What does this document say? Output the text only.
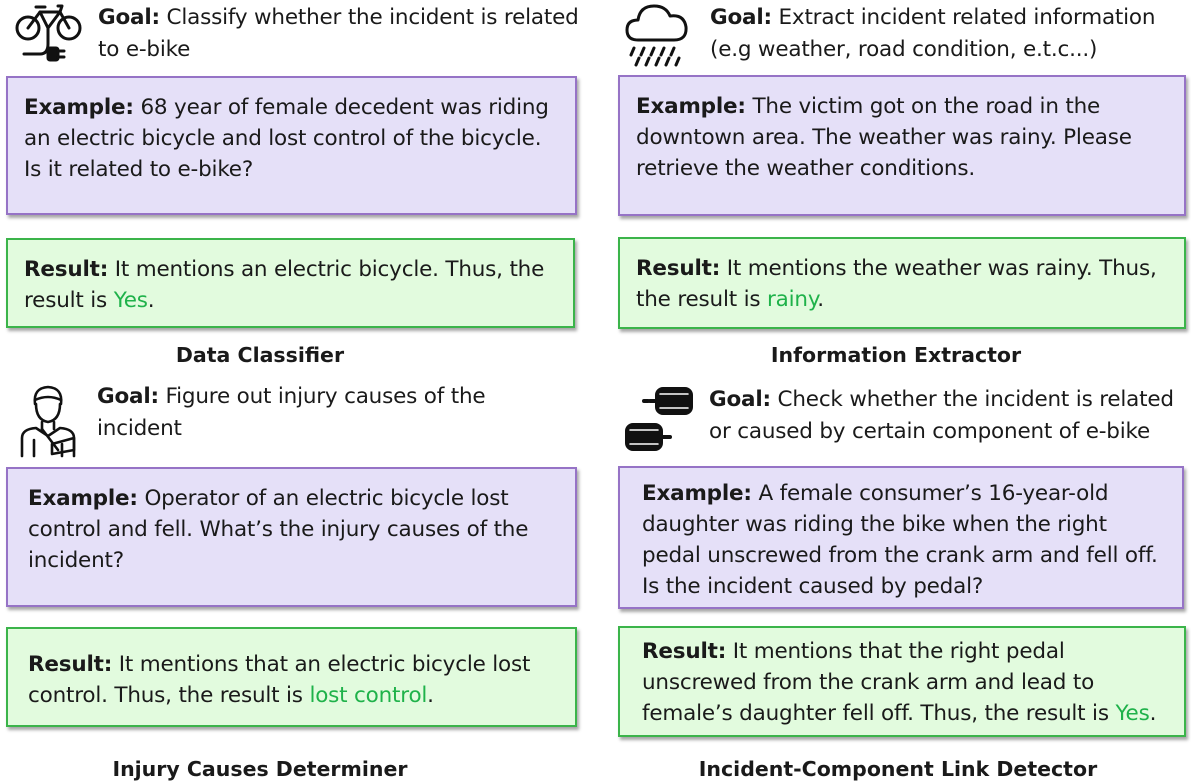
Goal: Classify whether the incident is related to e-bike
Example: 68 year of female decedent was riding an electric bicycle and lost control of the bicycle. Is it related to e-bike?
Result: It mentions an electric bicycle. Thus, the result is Yes.
Data Classifier
Goal: Extract incident related information (e.g weather, road condition, e.t.c...)
Example: The victim got on the road in the downtown area. The weather was rainy. Please retrieve the weather conditions.
Result: It mentions the weather was rainy. Thus, the result is rainy.
Information Extractor
Goal: Figure out injury causes of the incident
Example: Operator of an electric bicycle lost control and fell. What’s the injury causes of the incident?
Result: It mentions that an electric bicycle lost control. Thus, the result is lost control.
Injury Causes Determiner
Goal: Check whether the incident is related or caused by certain component of e-bike
Example: A female consumer’s 16-year-old daughter was riding the bike when the right pedal unscrewed from the crank arm and fell off. Is the incident caused by pedal?
Result: It mentions that the right pedal unscrewed from the crank arm and lead to female’s daughter fell off. Thus, the result is Yes.
Incident-Component Link Detector
